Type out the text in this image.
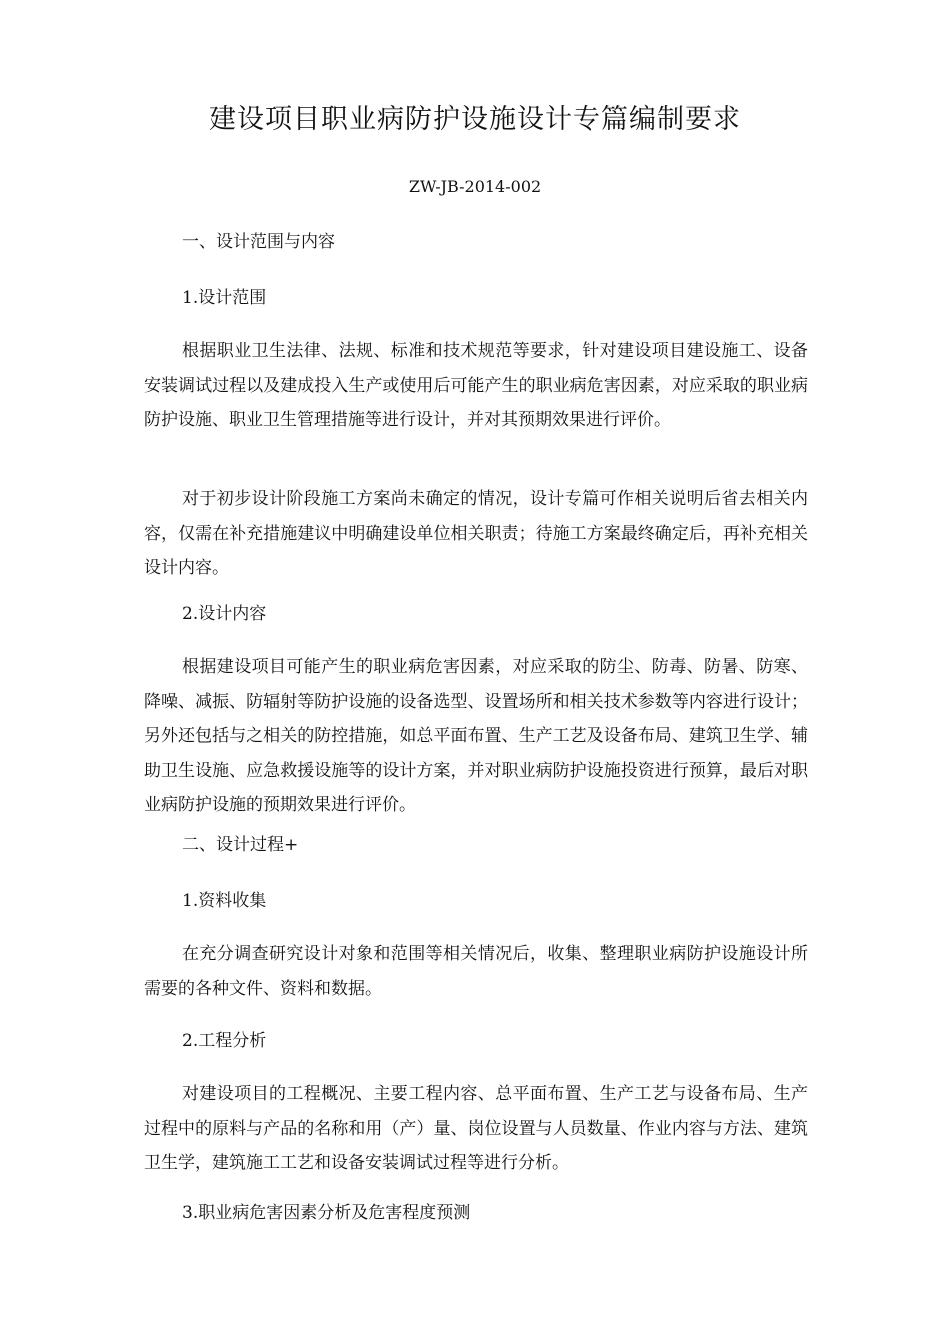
建设项目职业病防护设施设计专篇编制要求
ZW-JB-2014-002
一、设计范围与内容
1.设计范围

根据职业卫生法律、法规、标准和技术规范等要求，针对建设项目建设施工、设备安装调试过程以及建成投入生产或使用后可能产生的职业病危害因素，对应采取的职业病防护设施、职业卫生管理措施等进行设计，并对其预期效果进行评价。

对于初步设计阶段施工方案尚未确定的情况，设计专篇可作相关说明后省去相关内容，仅需在补充措施建议中明确建设单位相关职责；待施工方案最终确定后，再补充相关设计内容。

2.设计内容

根据建设项目可能产生的职业病危害因素，对应采取的防尘、防毒、防暑、防寒、降噪、减振、防辐射等防护设施的设备选型、设置场所和相关技术参数等内容进行设计；另外还包括与之相关的防控措施，如总平面布置、生产工艺及设备布局、建筑卫生学、辅助卫生设施、应急救援设施等的设计方案，并对职业病防护设施投资进行预算，最后对职业病防护设施的预期效果进行评价。

二、设计过程+
1.资料收集

在充分调查研究设计对象和范围等相关情况后，收集、整理职业病防护设施设计所需要的各种文件、资料和数据。

2.工程分析

对建设项目的工程概况、主要工程内容、总平面布置、生产工艺与设备布局、生产过程中的原料与产品的名称和用（产）量、岗位设置与人员数量、作业内容与方法、建筑卫生学，建筑施工工艺和设备安装调试过程等进行分析。

3.职业病危害因素分析及危害程度预测
